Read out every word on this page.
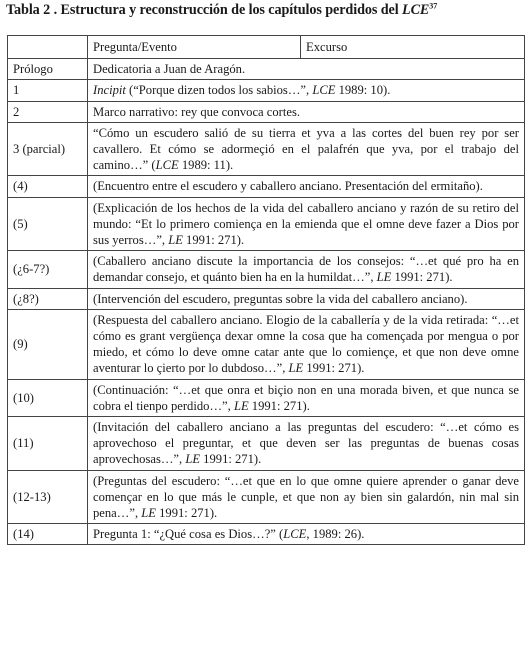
Tabla 2 . Estructura y reconstrucción de los capítulos perdidos del LCE$^{37}$
	Pregunta/Evento	Excurso
Prólogo	Dedicatoria a Juan de Aragón.	
1	Incipit (“Porque dizen todos los sabios…”, LCE 1989: 10).	
2	Marco narrativo: rey que convoca cortes.	
3 (parcial)	“Cómo un escudero salió de su tierra et yva a las cortes del buen rey por ser cavallero. Et cómo se adormeçió en el palafrén que yva, por el trabajo del camino…” (LCE 1989: 11).	
(4)	(Encuentro entre el escudero y caballero anciano. Presentación del ermitaño).	
(5)	(Explicación de los hechos de la vida del caballero anciano y razón de su retiro del mundo: “Et lo primero comiença en la emienda que el omne deve fazer a Dios por sus yerros…”, LE 1991: 271).	
(¿6-7?)	(Caballero anciano discute la importancia de los consejos: “…et qué pro ha en demandar consejo, et quánto bien ha en la humildat…”, LE 1991: 271).	
(¿8?)	(Intervención del escudero, preguntas sobre la vida del caballero anciano).	
(9)	(Respuesta del caballero anciano. Elogio de la caballería y de la vida retirada: “…et cómo es grant vergüença dexar omne la cosa que ha començada por mengua o por miedo, et cómo lo deve omne catar ante que lo comiençe, et que non deve omne aventurar lo çierto por lo dubdoso…”, LE 1991: 271).	
(10)	(Continuación: “…et que onra et biçio non en una morada biven, et que nunca se cobra el tienpo perdido…”, LE 1991: 271).	
(11)	(Invitación del caballero anciano a las preguntas del escudero: “…et cómo es aprovechoso el preguntar, et que deven ser las preguntas de buenas cosas aprovechosas…”, LE 1991: 271).	
(12-13)	(Preguntas del escudero: “…et que en lo que omne quiere aprender o ganar deve començar en lo que más le cunple, et que non ay bien sin galardón, nin mal sin pena…”, LE 1991: 271).	
(14)	Pregunta 1: “¿Qué cosa es Dios…?” (LCE, 1989: 26).	
